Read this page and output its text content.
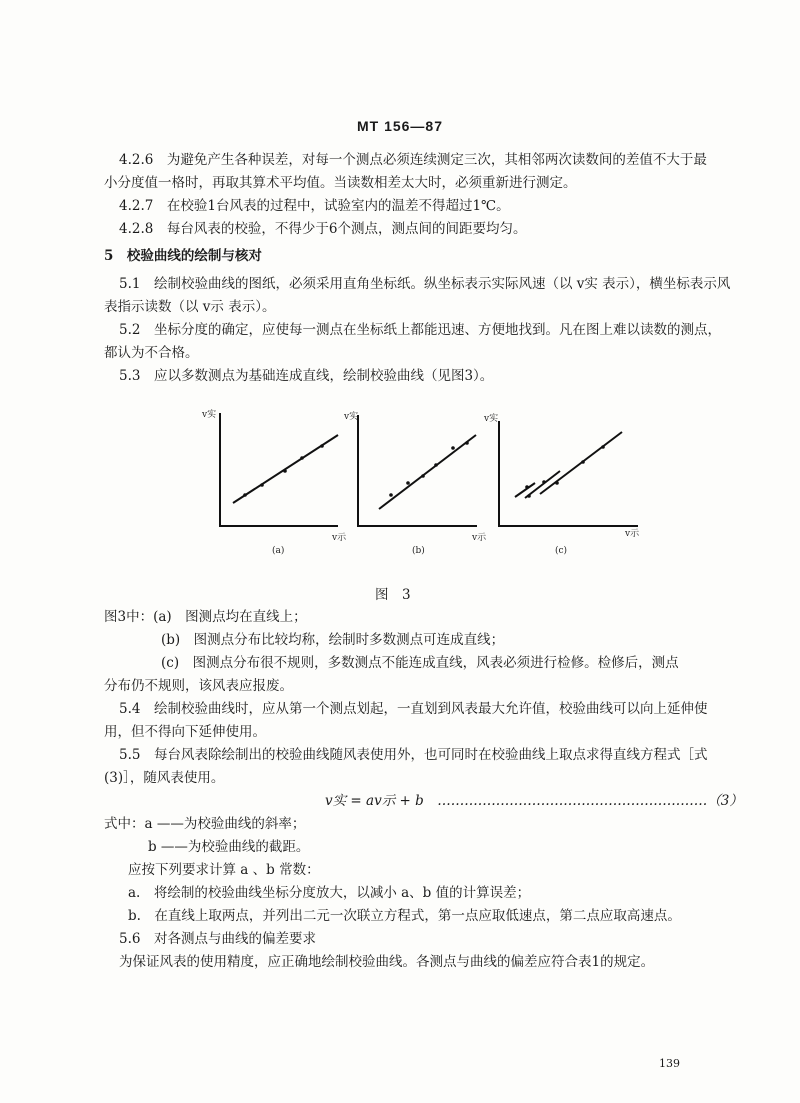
MT 156—87
4.2.6　为避免产生各种误差，对每一个测点必须连续测定三次，其相邻两次读数间的差值不大于最
小分度值一格时，再取其算术平均值。当读数相差太大时，必须重新进行测定。
4.2.7　在校验1台风表的过程中，试验室内的温差不得超过1℃。
4.2.8　每台风表的校验，不得少于6个测点，测点间的间距要均匀。
5　校验曲线的绘制与核对
5.1　绘制校验曲线的图纸，必须采用直角坐标纸。纵坐标表示实际风速（以 v实 表示），横坐标表示风
表指示读数（以 v示 表示）。
5.2　坐标分度的确定，应使每一测点在坐标纸上都能迅速、方便地找到。凡在图上难以读数的测点，
都认为不合格。
5.3　应以多数测点为基础连成直线，绘制校验曲线（见图3）。
v实
v示
(a)
v实
v示
(b)
v实
v示
(c)
图　3
图3中：(a)　图测点均在直线上；
(b)　图测点分布比较均称，绘制时多数测点可连成直线；
(c)　图测点分布很不规则，多数测点不能连成直线，风表必须进行检修。检修后，测点
分布仍不规则，该风表应报废。
5.4　绘制校验曲线时，应从第一个测点划起，一直划到风表最大允许值，校验曲线可以向上延伸使
用，但不得向下延伸使用。
5.5　每台风表除绘制出的校验曲线随风表使用外，也可同时在校验曲线上取点求得直线方程式［式
(3)］，随风表使用。
v实 = av示 + b　……………………………………………………（3）
式中：a ——为校验曲线的斜率；
b ——为校验曲线的截距。
应按下列要求计算 a 、b 常数：
a.　将绘制的校验曲线坐标分度放大，以减小 a、b 值的计算误差；
b.　在直线上取两点，并列出二元一次联立方程式，第一点应取低速点，第二点应取高速点。
5.6　对各测点与曲线的偏差要求
为保证风表的使用精度，应正确地绘制校验曲线。各测点与曲线的偏差应符合表1的规定。
139
